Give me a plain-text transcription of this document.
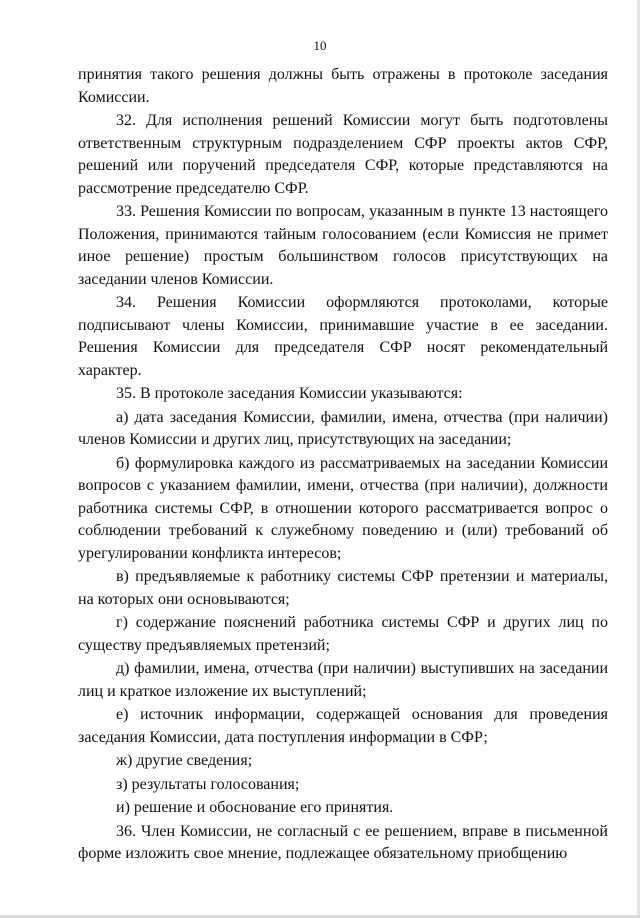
10

принятия такого решения должны быть отражены в протоколе заседания Комиссии.

32. Для исполнения решений Комиссии могут быть подготовлены ответственным структурным подразделением СФР проекты актов СФР, решений или поручений председателя СФР, которые представляются на рассмотрение председателю СФР.

33. Решения Комиссии по вопросам, указанным в пункте 13 настоящего Положения, принимаются тайным голосованием (если Комиссия не примет иное решение) простым большинством голосов присутствующих на заседании членов Комиссии.

34. Решения Комиссии оформляются протоколами, которые подписывают члены Комиссии, принимавшие участие в ее заседании. Решения Комиссии для председателя СФР носят рекомендательный характер.

35. В протоколе заседания Комиссии указываются:

а) дата заседания Комиссии, фамилии, имена, отчества (при наличии) членов Комиссии и других лиц, присутствующих на заседании;

б) формулировка каждого из рассматриваемых на заседании Комиссии вопросов с указанием фамилии, имени, отчества (при наличии), должности работника системы СФР, в отношении которого рассматривается вопрос о соблюдении требований к служебному поведению и (или) требований об урегулировании конфликта интересов;

в) предъявляемые к работнику системы СФР претензии и материалы, на которых они основываются;

г) содержание пояснений работника системы СФР и других лиц по существу предъявляемых претензий;

д) фамилии, имена, отчества (при наличии) выступивших на заседании лиц и краткое изложение их выступлений;

е) источник информации, содержащей основания для проведения заседания Комиссии, дата поступления информации в СФР;

ж) другие сведения;

з) результаты голосования;

и) решение и обоснование его принятия.

36. Член Комиссии, не согласный с ее решением, вправе в письменной форме изложить свое мнение, подлежащее обязательному приобщению
